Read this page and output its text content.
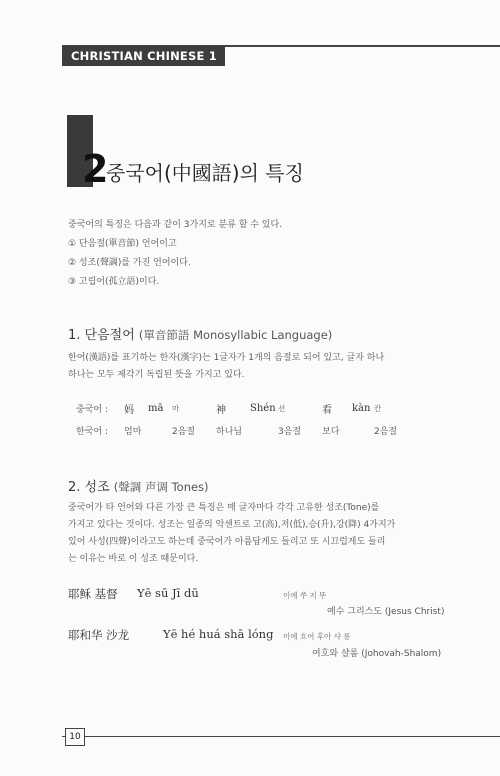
CHRISTIAN CHINESE 1
2
중국어(中國語)의 특징
중국어의 특징은 다음과 같이 3가지로 분류 할 수 있다.
① 단음절(單音節) 언어이고
② 성조(聲調)를 가진 언어이다.
③ 고립어(孤立語)이다.
1. 단음절어 (單音節語 Monosyllabic Language)
한어(漢語)를 표기하는 한자(漢字)는 1글자가 1개의 음절로 되어 있고, 글자 하나
하나는 모두 제각기 독립된 뜻을 가지고 있다.
중국어 :	妈	mā	마	神	Shén	션	看	kàn	칸
한국어 :	엄마		2음절	하나님		3음절	보다		2음절
2. 성조 (聲調 声调 Tones)
중국어가 타 언어와 다른 가장 큰 특징은 매 글자마다 각각 고유한 성조(Tone)를
가지고 있다는 것이다. 성조는 일종의 악센트로 고(高),저(低),승(升),강(降) 4가지가
있어 사성(四聲)이라고도 하는데 중국어가 아름답게도 들리고 또 시끄럽게도 들리
는 이유는 바로 이 성조 때문이다.
耶稣 基督 Yē sū Jī dū	이에 쑤 지 뚜
예수 그리스도 (Jesus Christ)
耶和华 沙龙	Yē hé huá shā lóng 이에 흐어 후아 샤 롱
여호와 샬롬 (Johovah-Shalom)
10
